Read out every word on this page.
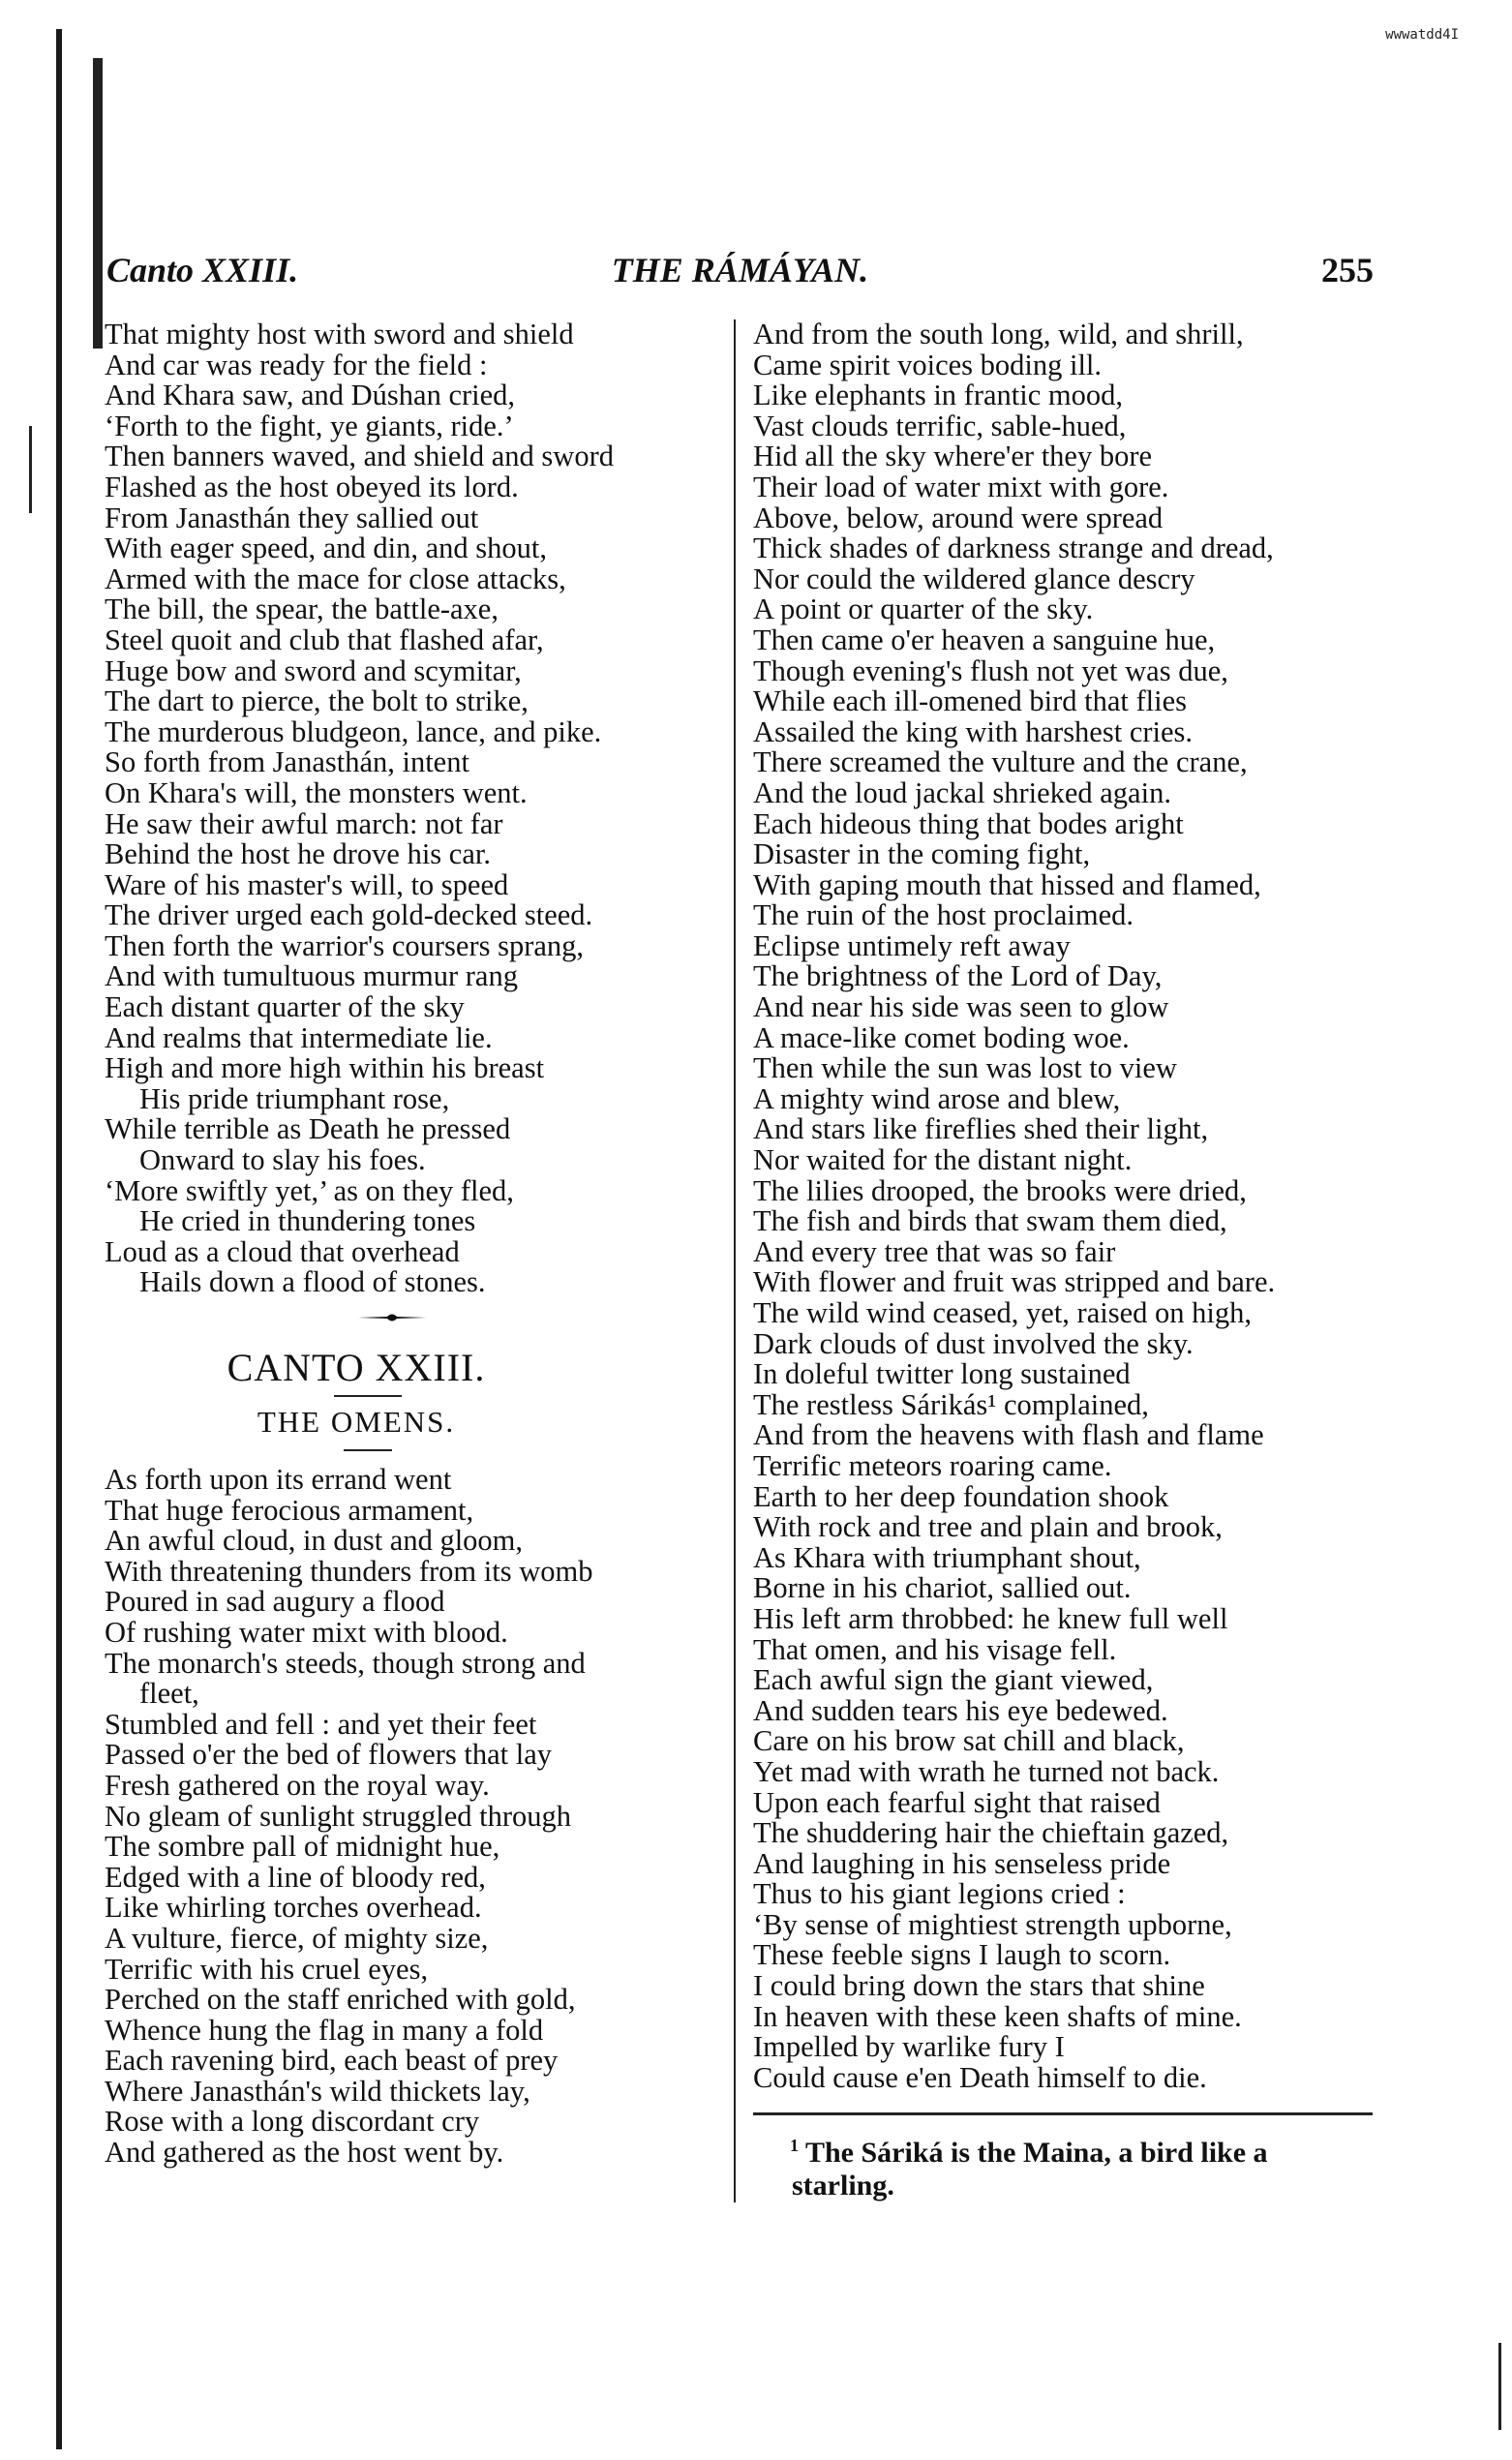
wwwatdd4I
Canto XXIII.	THE RÁMÁYAN.	255
That mighty host with sword and shield
And car was ready for the field :
And Khara saw, and Dúshan cried,
‘Forth to the fight, ye giants, ride.’
Then banners waved, and shield and sword
Flashed as the host obeyed its lord.
From Janasthán they sallied out
With eager speed, and din, and shout,
Armed with the mace for close attacks,
The bill, the spear, the battle-axe,
Steel quoit and club that flashed afar,
Huge bow and sword and scymitar,
The dart to pierce, the bolt to strike,
The murderous bludgeon, lance, and pike.
So forth from Janasthán, intent
On Khara's will, the monsters went.
He saw their awful march: not far
Behind the host he drove his car.
Ware of his master's will, to speed
The driver urged each gold-decked steed.
Then forth the warrior's coursers sprang,
And with tumultuous murmur rang
Each distant quarter of the sky
And realms that intermediate lie.
High and more high within his breast
His pride triumphant rose,
While terrible as Death he pressed
Onward to slay his foes.
‘More swiftly yet,’ as on they fled,
He cried in thundering tones
Loud as a cloud that overhead
Hails down a flood of stones.
CANTO XXIII.
THE OMENS.
As forth upon its errand went
That huge ferocious armament,
An awful cloud, in dust and gloom,
With threatening thunders from its womb
Poured in sad augury a flood
Of rushing water mixt with blood.
The monarch's steeds, though strong and
fleet,
Stumbled and fell : and yet their feet
Passed o'er the bed of flowers that lay
Fresh gathered on the royal way.
No gleam of sunlight struggled through
The sombre pall of midnight hue,
Edged with a line of bloody red,
Like whirling torches overhead.
A vulture, fierce, of mighty size,
Terrific with his cruel eyes,
Perched on the staff enriched with gold,
Whence hung the flag in many a fold
Each ravening bird, each beast of prey
Where Janasthán's wild thickets lay,
Rose with a long discordant cry
And gathered as the host went by.
And from the south long, wild, and shrill,
Came spirit voices boding ill.
Like elephants in frantic mood,
Vast clouds terrific, sable-hued,
Hid all the sky where'er they bore
Their load of water mixt with gore.
Above, below, around were spread
Thick shades of darkness strange and dread,
Nor could the wildered glance descry
A point or quarter of the sky.
Then came o'er heaven a sanguine hue,
Though evening's flush not yet was due,
While each ill-omened bird that flies
Assailed the king with harshest cries.
There screamed the vulture and the crane,
And the loud jackal shrieked again.
Each hideous thing that bodes aright
Disaster in the coming fight,
With gaping mouth that hissed and flamed,
The ruin of the host proclaimed.
Eclipse untimely reft away
The brightness of the Lord of Day,
And near his side was seen to glow
A mace-like comet boding woe.
Then while the sun was lost to view
A mighty wind arose and blew,
And stars like fireflies shed their light,
Nor waited for the distant night.
The lilies drooped, the brooks were dried,
The fish and birds that swam them died,
And every tree that was so fair
With flower and fruit was stripped and bare.
The wild wind ceased, yet, raised on high,
Dark clouds of dust involved the sky.
In doleful twitter long sustained
The restless Sárikás¹ complained,
And from the heavens with flash and flame
Terrific meteors roaring came.
Earth to her deep foundation shook
With rock and tree and plain and brook,
As Khara with triumphant shout,
Borne in his chariot, sallied out.
His left arm throbbed: he knew full well
That omen, and his visage fell.
Each awful sign the giant viewed,
And sudden tears his eye bedewed.
Care on his brow sat chill and black,
Yet mad with wrath he turned not back.
Upon each fearful sight that raised
The shuddering hair the chieftain gazed,
And laughing in his senseless pride
Thus to his giant legions cried :
‘By sense of mightiest strength upborne,
These feeble signs I laugh to scorn.
I could bring down the stars that shine
In heaven with these keen shafts of mine.
Impelled by warlike fury I
Could cause e'en Death himself to die.
$^1$ The Sáriká is the Maina, a bird like a starling.
